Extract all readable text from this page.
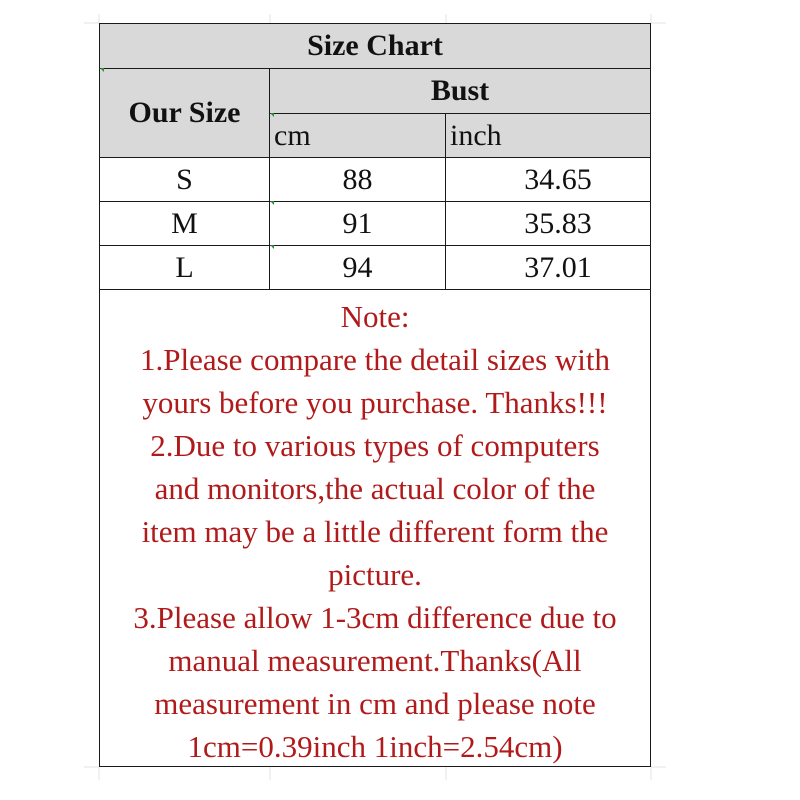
Size Chart
Our Size
Bust
cm	inch
S	88	34.65
M	91	35.83
L	94	37.01
Note:
1.Please compare the detail sizes with
yours before you purchase. Thanks!!!
2.Due to various types of computers
and monitors,the actual color of the
item may be a little different form the
picture.
3.Please allow 1-3cm difference due to
manual measurement.Thanks(All
measurement in cm and please note
1cm=0.39inch 1inch=2.54cm)
